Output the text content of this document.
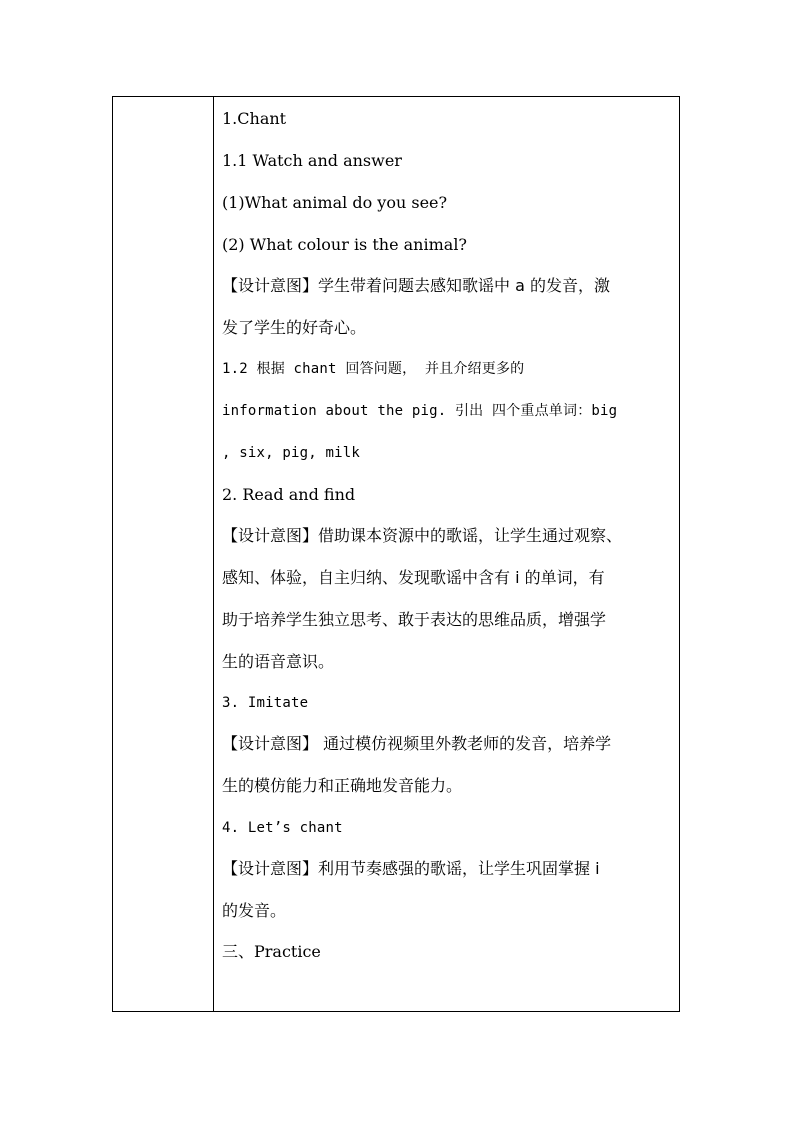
1.Chant
1.1 Watch and answer
(1)What animal do you see?
(2) What colour is the animal?
【设计意图】学生带着问题去感知歌谣中 a 的发音，激
发了学生的好奇心。
1.2 根据 chant 回答问题， 并且介绍更多的
information about the pig. 引出 四个重点单词：big
, six, pig, milk
2. Read and find
【设计意图】借助课本资源中的歌谣，让学生通过观察、
感知、体验，自主归纳、发现歌谣中含有 i 的单词，有
助于培养学生独立思考、敢于表达的思维品质，增强学
生的语音意识。
3. Imitate
【设计意图】 通过模仿视频里外教老师的发音，培养学
生的模仿能力和正确地发音能力。
4. Let’s chant
【设计意图】利用节奏感强的歌谣，让学生巩固掌握 i
的发音。
三、Practice
